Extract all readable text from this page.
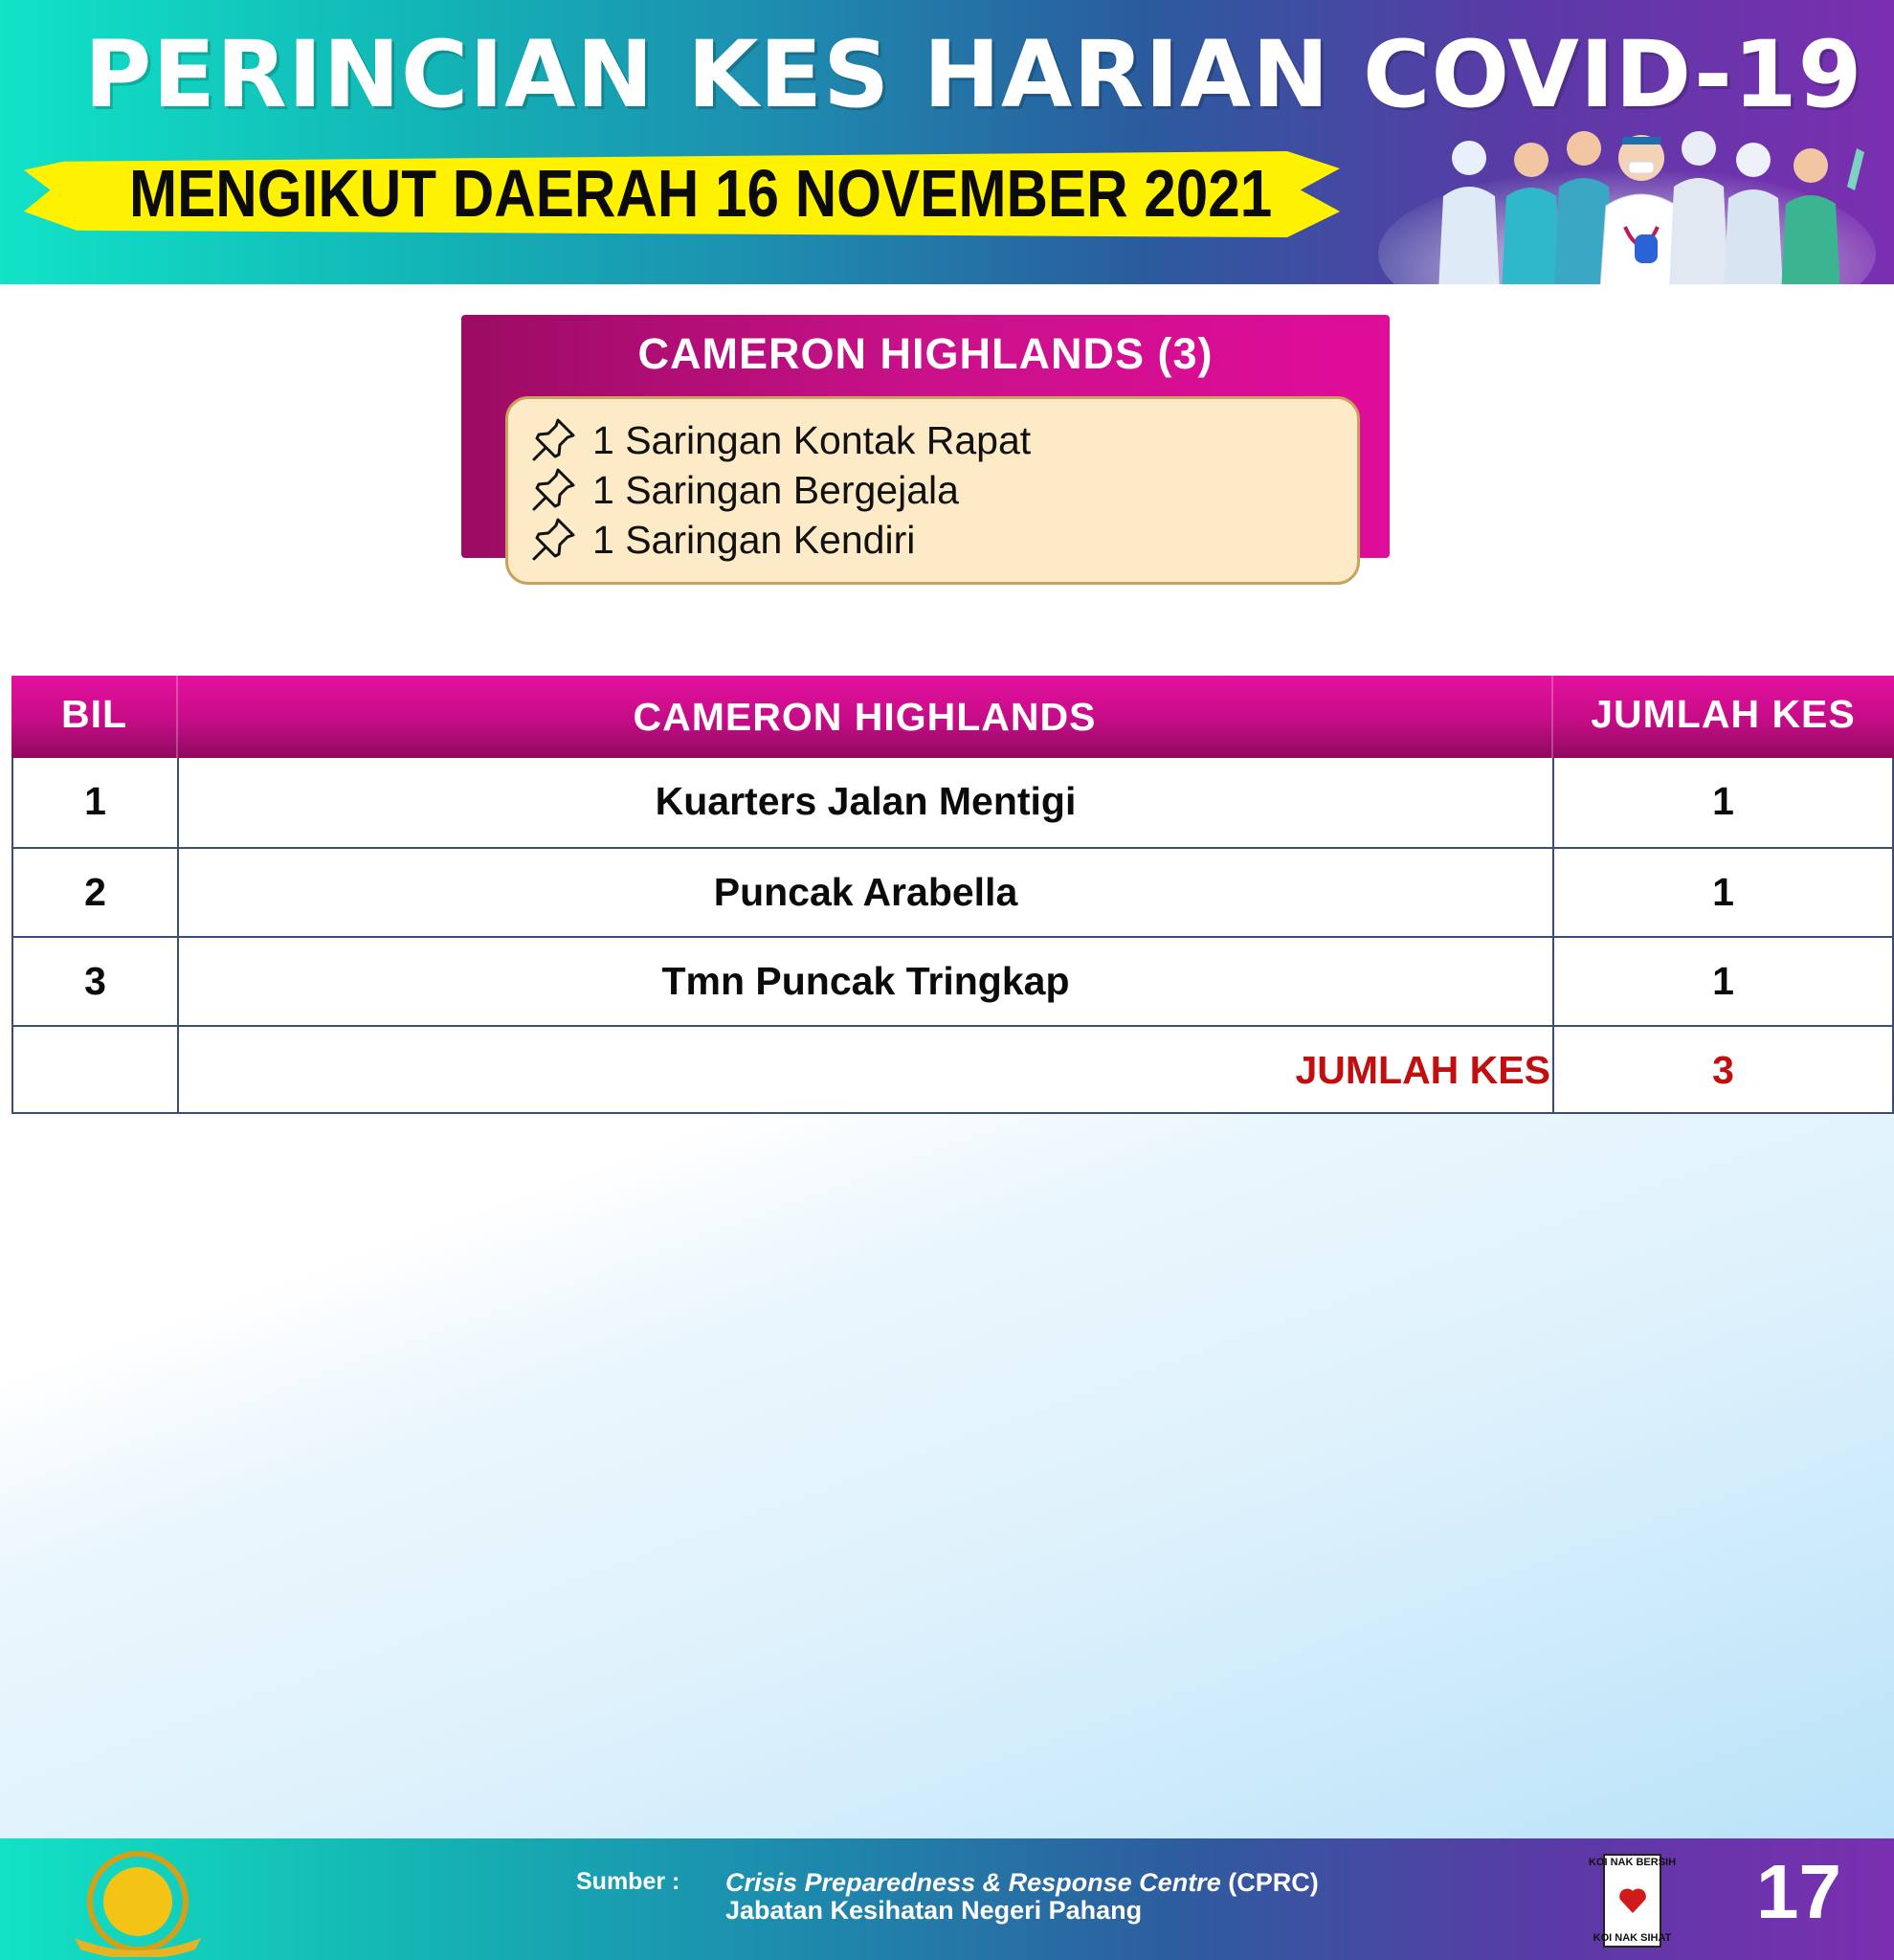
PERINCIAN KES HARIAN COVID-19
MENGIKUT DAERAH 16 NOVEMBER 2021
CAMERON HIGHLANDS (3)
1 Saringan Kontak Rapat
1 Saringan Bergejala
1 Saringan Kendiri
BIL	CAMERON HIGHLANDS	JUMLAH KES
1	Kuarters Jalan Mentigi	1
2	Puncak Arabella	1
3	Tmn Puncak Tringkap	1
JUMLAH KES	3
Sumber : Crisis Preparedness & Response Centre (CPRC)
Jabatan Kesihatan Negeri Pahang
KOI NAK BERSIH
KOI NAK SIHAT
17
